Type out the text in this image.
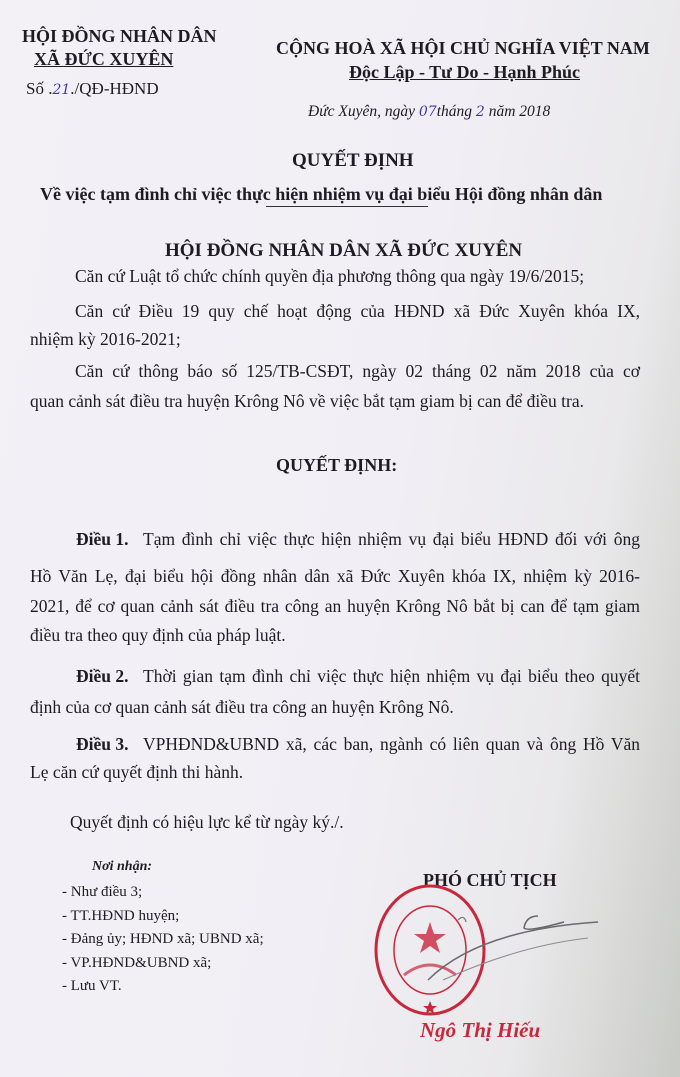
HỘI ĐỒNG NHÂN DÂN
XÃ ĐỨC XUYÊN
Số .21./QĐ-HĐND
CỘNG HOÀ XÃ HỘI CHỦ NGHĨA VIỆT NAM
Độc Lập - Tư Do - Hạnh Phúc
Đức Xuyên, ngày 07tháng 2 năm 2018
QUYẾT ĐỊNH
Về việc tạm đình chỉ việc thực hiện nhiệm vụ đại biểu Hội đồng nhân dân
HỘI ĐỒNG NHÂN DÂN XÃ ĐỨC XUYÊN
Căn cứ Luật tổ chức chính quyền địa phương thông qua ngày 19/6/2015;
Căn cứ Điều 19 quy chế hoạt động của HĐND xã Đức Xuyên khóa IX,
nhiệm kỳ 2016-2021;
Căn cứ thông báo số 125/TB-CSĐT, ngày 02 tháng 02 năm 2018 của cơ
quan cảnh sát điều tra huyện Krông Nô về việc bắt tạm giam bị can để điều tra.
Tạm đình chỉ việc thực hiện nhiệm vụ đại biểu HĐND đối với ông
Điều 1.
Hồ Văn Lẹ, đại biểu hội đồng nhân dân xã Đức Xuyên khóa IX, nhiệm kỳ 2016-
2021, để cơ quan cảnh sát điều tra công an huyện Krông Nô bắt bị can để tạm giam
điều tra theo quy định của pháp luật.
Thời gian tạm đình chỉ việc thực hiện nhiệm vụ đại biểu theo quyết
Điều 2.
định của cơ quan cảnh sát điều tra công an huyện Krông Nô.
VPHĐND&UBND xã, các ban, ngành có liên quan và ông Hồ Văn
Điều 3.
Lẹ căn cứ quyết định thi hành.
QUYẾT ĐỊNH:
Quyết định có hiệu lực kể từ ngày ký./.
Nơi nhận:
- Như điều 3;
- TT.HĐND huyện;
- Đảng ủy; HĐND xã; UBND xã;
- VP.HĐND&UBND xã;
- Lưu VT.
PHÓ CHỦ TỊCH
Ngô Thị Hiếu
